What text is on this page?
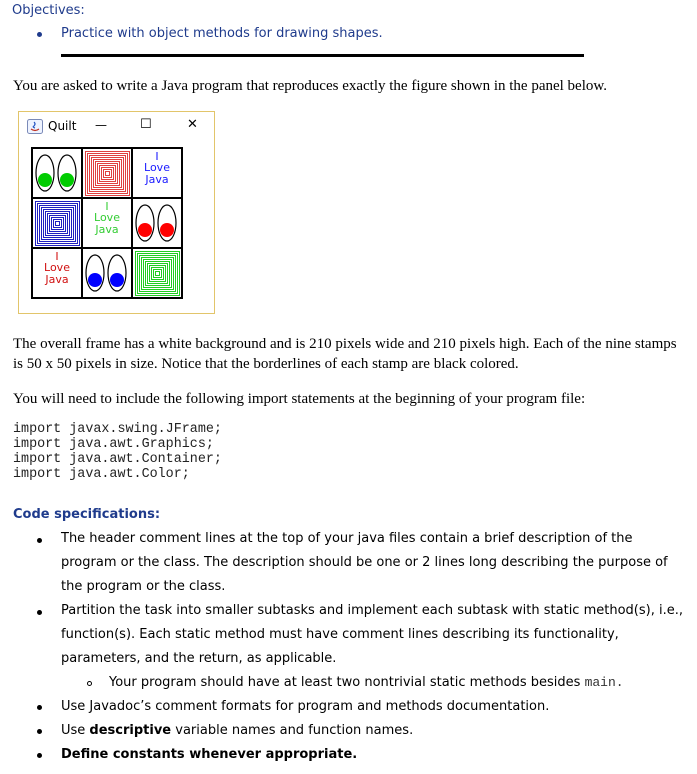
Objectives:
Practice with object methods for drawing shapes.
You are asked to write a Java program that reproduces exactly the figure shown in the panel below.
Quilt —	☐	✕
I
Love
Java
I
Love
Java
I
Love
Java
The overall frame has a white background and is 210 pixels wide and 210 pixels high. Each of the nine stamps is 50 x 50 pixels in size. Notice that the borderlines of each stamp are black colored.
You will need to include the following import statements at the beginning of your program file:
import javax.swing.JFrame;
import java.awt.Graphics;
import java.awt.Container;
import java.awt.Color;
Code specifications:
The header comment lines at the top of your java files contain a brief description of the
program or the class. The description should be one or 2 lines long describing the purpose of
the program or the class.
Partition the task into smaller subtasks and implement each subtask with static method(s), i.e.,
function(s). Each static method must have comment lines describing its functionality,
parameters, and the return, as applicable.
Your program should have at least two nontrivial static methods besides main.
Use Javadoc’s comment formats for program and methods documentation.
Use descriptive variable names and function names.
Define constants whenever appropriate.
